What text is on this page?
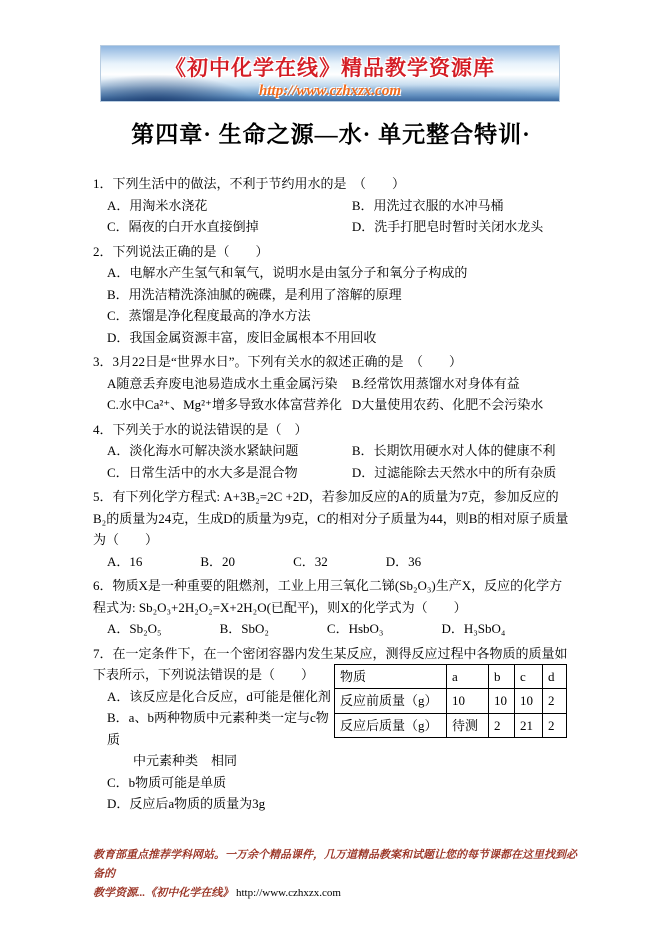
《初中化学在线》精品教学资源库
http://www.czhxzx.com
第四章· 生命之源—水· 单元整合特训·
1．下列生活中的做法，不利于节约用水的是　（　　）
A．用淘米水浇花	B．用洗过衣服的水冲马桶
C．隔夜的白开水直接倒掉	D．洗手打肥皂时暂时关闭水龙头
2．下列说法正确的是（　　）
A．电解水产生氢气和氧气，说明水是由氢分子和氧分子构成的
B．用洗洁精洗涤油腻的碗碟，是利用了溶解的原理
C．蒸馏是净化程度最高的净水方法
D．我国金属资源丰富，废旧金属根本不用回收
3．3月22日是“世界水日”。下列有关水的叙述正确的是　（　　）
A随意丢弃废电池易造成水土重金属污染	B.经常饮用蒸馏水对身体有益
C.水中Ca²⁺、Mg²⁺增多导致水体富营养化 D大量使用农药、化肥不会污染水
4．下列关于水的说法错误的是（　）
A．淡化海水可解决淡水紧缺问题	B．长期饮用硬水对人体的健康不利
C．日常生活中的水大多是混合物	D．过滤能除去天然水中的所有杂质
5．有下列化学方程式: A+3B₂=2C +2D，若参加反应的A的质量为7克，参加反应的B₂的质量为24克，生成D的质量为9克，C的相对分子质量为44，则B的相对原子质量为（　　）
A．16	B．20	C．32	D．36
6．物质X是一种重要的阻燃剂，工业上用三氧化二锑(Sb₂O₃)生产X，反应的化学方程式为: Sb₂O₃+2H₂O₂=X+2H₂O(已配平)，则X的化学式为（　　）
A．Sb₂O₅	B．SbO₂	C．HsbO₃	D．H₃SbO₄
7．在一定条件下，在一个密闭容器内发生某反应，测得反应过程中各物质的质量如下表所示，下列说法错误的是（　　）
A．该反应是化合反应，d可能是催化剂
B．a、b两种物质中元素种类一定与c物
质
　　中元素种类　相同
C．b物质可能是单质
D．反应后a物质的质量为3g
物质	a	b	c	d
反应前质量（g）	10	10	10	2
反应后质量（g）	待测	2	21	2
教育部重点推荐学科网站。一万余个精品课件，几万道精品教案和试题让您的每节课都在这里找到必备的
教学资源...《初中化学在线》 http://www.czhxzx.com
